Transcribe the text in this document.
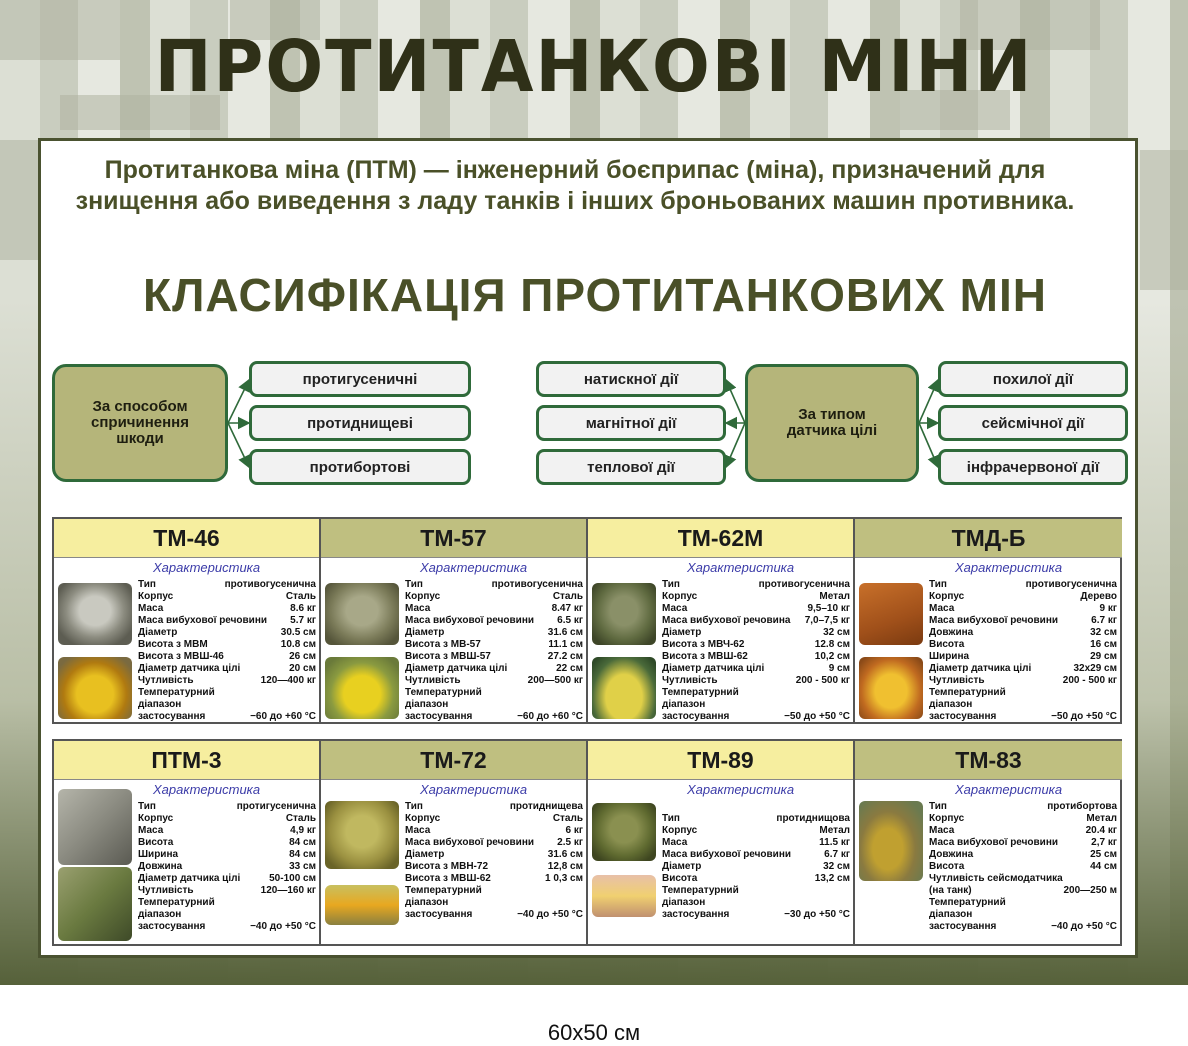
ПРОТИТАНКОВІ МІНИ
Протитанкова міна (ПТМ) — інженерний боєприпас (міна), призначений для знищення або виведення з ладу танків і інших броньованих машин противника.
КЛАСИФІКАЦІЯ ПРОТИТАНКОВИХ МІН
За способом спричинення шкоди
протигусеничні
протиднищеві
протибортові
натискної дії
магнітної дії
теплової дії
За типом датчика цілі
похилої дії
сейсмічної дії
інфрачервоної дії
ТМ-46
Характеристика
Тип	противогусенична
Корпус	Сталь
Маса	8.6 кг
Маса вибухової речовини 5.7 кг
Діаметр	30.5 см
Висота з МВМ	10.8 см
Висота з МВШ-46	26 см
Діаметр датчика цілі	20 см
Чутливість	120—400 кг
Температурний
діапазон
застосування	−60 до +60 °С
ТМ-57
Характеристика
Тип	противогусенична
Корпус	Сталь
Маса	8.47 кг
Маса вибухової речовини 6.5 кг
Діаметр	31.6 см
Висота з МВ-57	11.1 см
Висота з МВШ-57	27.2 см
Діаметр датчика цілі	22 см
Чутливість	200—500 кг
Температурний
діапазон
застосування	−60 до +60 °С
ТМ-62М
Характеристика
Тип	противогусенична
Корпус	Метал
Маса	9,5–10 кг
Маса вибухової речовина 7,0–7,5 кг
Діаметр	32 см
Висота з МВЧ-62	12.8 см
Висота з МВШ-62	10,2 см
Діаметр датчика цілі	9 см
Чутливість	200 - 500 кг
Температурний
діапазон
застосування	−50 до +50 °С
ТМД-Б
Характеристика
Тип	противогусенична
Корпус	Дерево
Маса	9 кг
Маса вибухової речовини	6.7 кг
Довжина	32 см
Висота	16 см
Ширина	29 см
Діаметр датчика цілі	32х29 см
Чутливість	200 - 500 кг
Температурний
діапазон
застосування	−50 до +50 °С
ПТМ-3
Характеристика
Тип	протигусенична
Корпус	Сталь
Маса	4,9 кг
Висота	84 см
Ширина	84 см
Довжина	33 см
Діаметр датчика цілі	50-100 см
Чутливість	120—160 кг
Температурний
діапазон
застосування	−40 до +50 °С
ТМ-72
Характеристика
Тип	протиднищева
Корпус	Сталь
Маса	6 кг
Маса вибухової речовини 2.5 кг
Діаметр	31.6 см
Висота з МВН-72	12,8 см
Висота з МВШ-62	1 0,3 см
Температурний
діапазон
застосування	−40 до +50 °С
ТМ-89
Характеристика
Тип	протиднищова
Корпус	Метал
Маса	11.5 кг
Маса вибухової речовини	6.7 кг
Діаметр	32 см
Висота	13,2 см
Температурний
діапазон
застосування	−30 до +50 °С
ТМ-83
Характеристика
Тип	протибортова
Корпус	Метал
Маса	20.4 кг
Маса вибухової речовини	2,7 кг
Довжина	25 см
Висота	44 см
Чутливість сейсмодатчика
(на танк)	200—250 м
Температурний
діапазон
застосування	−40 до +50 °С
60х50 см
